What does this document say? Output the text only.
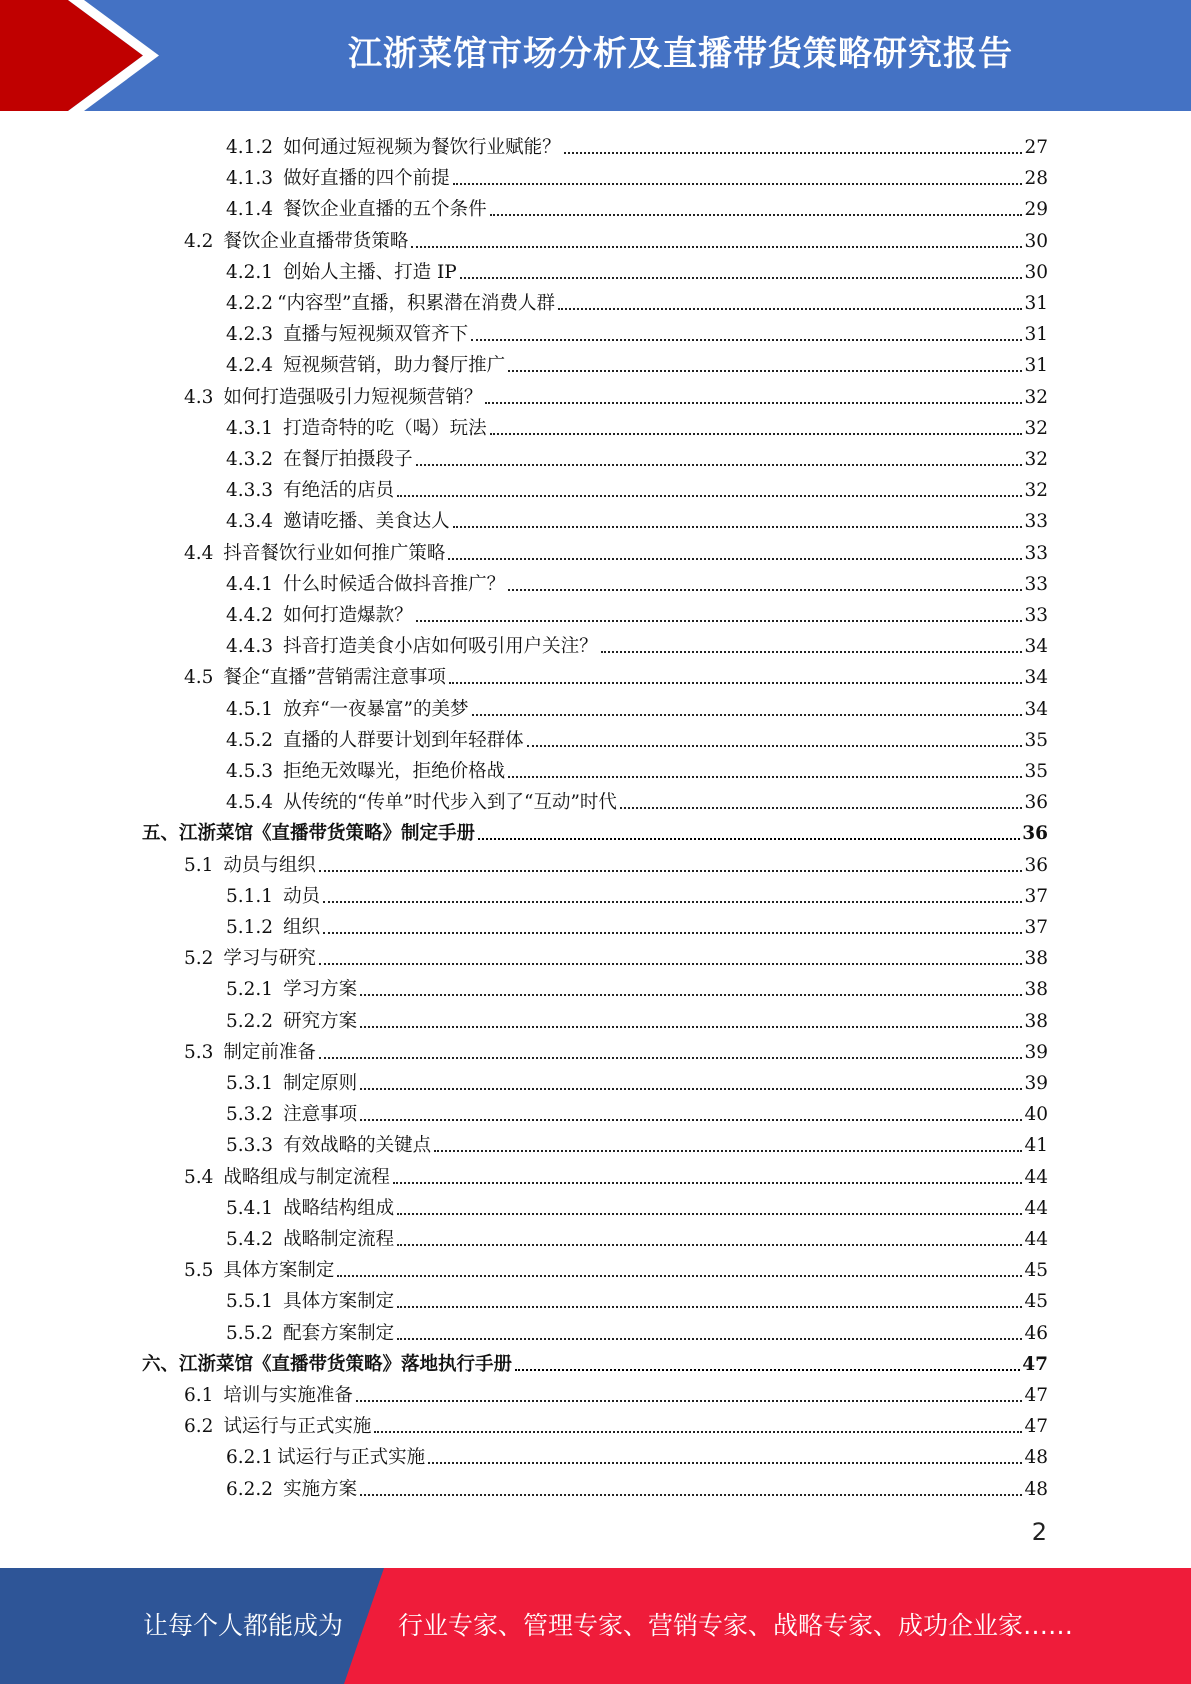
江浙菜馆市场分析及直播带货策略研究报告
4.1.2 如何通过短视频为餐饮行业赋能？	27
4.1.3 做好直播的四个前提	28
4.1.4 餐饮企业直播的五个条件	29
4.2 餐饮企业直播带货策略	30
4.2.1 创始人主播、打造 IP	30
4.2.2 “内容型”直播，积累潜在消费人群	31
4.2.3 直播与短视频双管齐下	31
4.2.4 短视频营销，助力餐厅推广	31
4.3 如何打造强吸引力短视频营销？	32
4.3.1 打造奇特的吃（喝）玩法	32
4.3.2 在餐厅拍摄段子	32
4.3.3 有绝活的店员	32
4.3.4 邀请吃播、美食达人	33
4.4 抖音餐饮行业如何推广策略	33
4.4.1 什么时候适合做抖音推广？	33
4.4.2 如何打造爆款？	33
4.4.3 抖音打造美食小店如何吸引用户关注？	34
4.5 餐企“直播”营销需注意事项	34
4.5.1 放弃“一夜暴富”的美梦	34
4.5.2 直播的人群要计划到年轻群体	35
4.5.3 拒绝无效曝光，拒绝价格战	35
4.5.4 从传统的“传单”时代步入到了“互动”时代	36
五、 江浙菜馆《直播带货策略》制定手册	36
5.1 动员与组织	36
5.1.1 动员	37
5.1.2 组织	37
5.2 学习与研究	38
5.2.1 学习方案	38
5.2.2 研究方案	38
5.3 制定前准备	39
5.3.1 制定原则	39
5.3.2 注意事项	40
5.3.3 有效战略的关键点	41
5.4 战略组成与制定流程	44
5.4.1 战略结构组成	44
5.4.2 战略制定流程	44
5.5 具体方案制定	45
5.5.1 具体方案制定	45
5.5.2 配套方案制定	46
六、 江浙菜馆《直播带货策略》落地执行手册	47
6.1 培训与实施准备	47
6.2 试运行与正式实施	47
6.2.1 试运行与正式实施	48
6.2.2 实施方案	48
2
让每个人都能成为 行业专家、管理专家、营销专家、战略专家、成功企业家……
